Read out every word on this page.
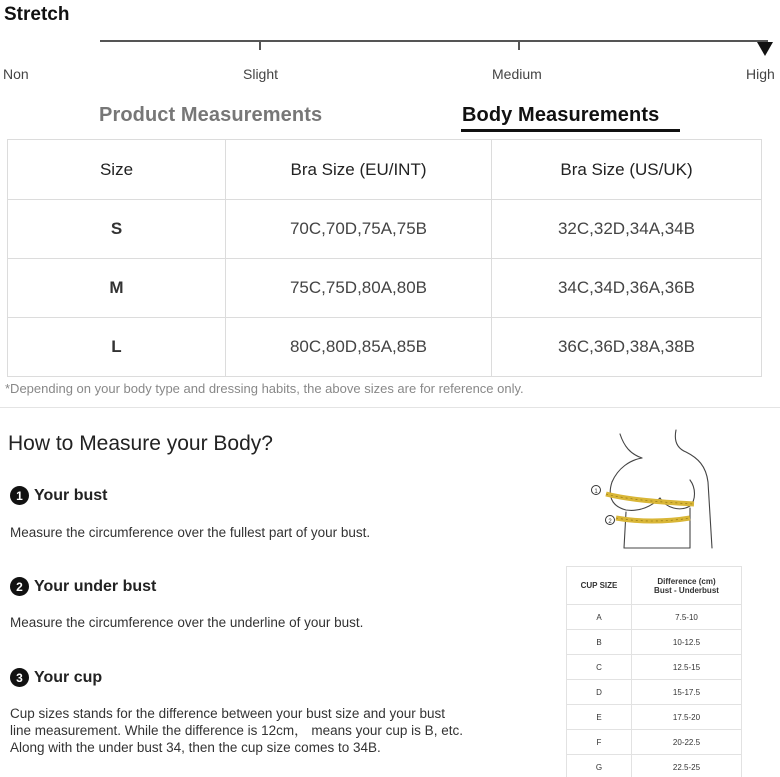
Stretch
Non	Slight	Medium	High
Product Measurements	Body Measurements
Size	Bra Size (EU/INT)	Bra Size (US/UK)
S	70C,70D,75A,75B	32C,32D,34A,34B
M	75C,75D,80A,80B	34C,34D,36A,36B
L	80C,80D,85A,85B	36C,36D,38A,38B
*Depending on your body type and dressing habits, the above sizes are for reference only.
How to Measure your Body?
1 Your bust
Measure the circumference over the fullest part of your bust.
2 Your under bust
Measure the circumference over the underline of your bust.
3 Your cup
Cup sizes stands for the difference between your bust size and your bust
line measurement. While the difference is 12cm， means your cup is B, etc.
Along with the under bust 34, then the cup size comes to 34B.
1
2
CUP SIZE	Difference (cm)
Bust - Underbust

A	7.5-10
B	10-12.5
C	12.5-15
D	15-17.5
E	17.5-20
F	20-22.5
G	22.5-25
